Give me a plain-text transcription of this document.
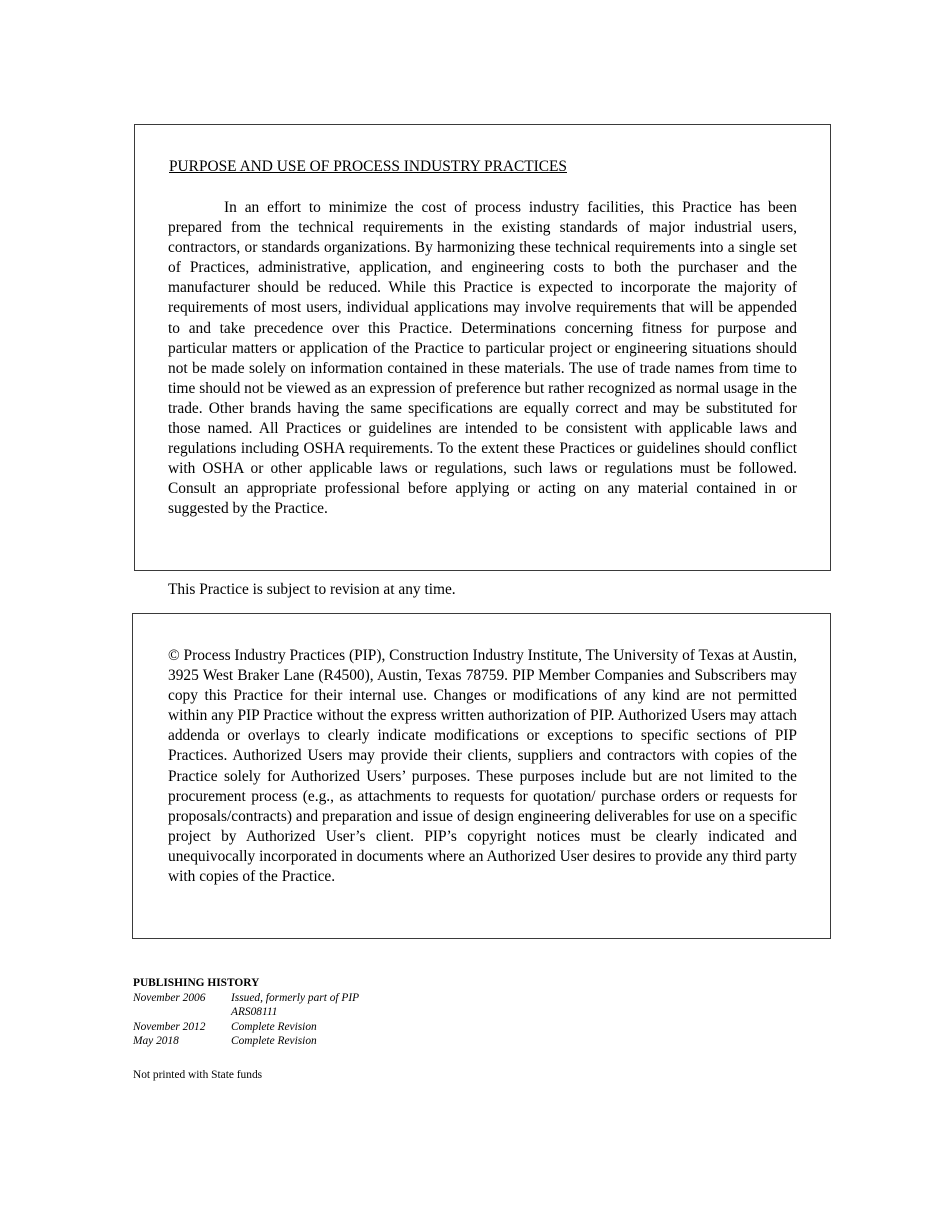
PURPOSE AND USE OF PROCESS INDUSTRY PRACTICES

In an effort to minimize the cost of process industry facilities, this Practice has been prepared from the technical requirements in the existing standards of major industrial users, contractors, or standards organizations. By harmonizing these technical requirements into a single set of Practices, administrative, application, and engineering costs to both the purchaser and the manufacturer should be reduced. While this Practice is expected to incorporate the majority of requirements of most users, individual applications may involve requirements that will be appended to and take precedence over this Practice. Determinations concerning fitness for purpose and particular matters or application of the Practice to particular project or engineering situations should not be made solely on information contained in these materials. The use of trade names from time to time should not be viewed as an expression of preference but rather recognized as normal usage in the trade. Other brands having the same specifications are equally correct and may be substituted for those named. All Practices or guidelines are intended to be consistent with applicable laws and regulations including OSHA requirements. To the extent these Practices or guidelines should conflict with OSHA or other applicable laws or regulations, such laws or regulations must be followed. Consult an appropriate professional before applying or acting on any material contained in or suggested by the Practice.

This Practice is subject to revision at any time.

© Process Industry Practices (PIP), Construction Industry Institute, The University of Texas at Austin, 3925 West Braker Lane (R4500), Austin, Texas 78759. PIP Member Companies and Subscribers may copy this Practice for their internal use. Changes or modifications of any kind are not permitted within any PIP Practice without the express written authorization of PIP. Authorized Users may attach addenda or overlays to clearly indicate modifications or exceptions to specific sections of PIP Practices. Authorized Users may provide their clients, suppliers and contractors with copies of the Practice solely for Authorized Users’ purposes. These purposes include but are not limited to the procurement process (e.g., as attachments to requests for quotation/ purchase orders or requests for proposals/contracts) and preparation and issue of design engineering deliverables for use on a specific project by Authorized User’s client. PIP’s copyright notices must be clearly indicated and unequivocally incorporated in documents where an Authorized User desires to provide any third party with copies of the Practice.

PUBLISHING HISTORY
November 2006	Issued, formerly part of PIP ARS08111
November 2012	Complete Revision
May 2018	Complete Revision
Not printed with State funds
